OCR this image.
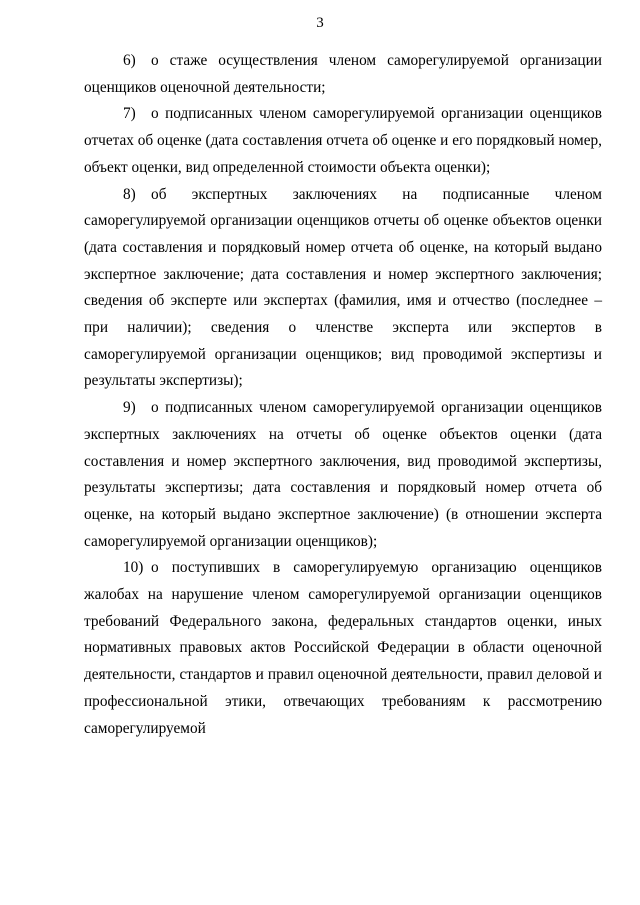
3

6)  о стаже осуществления членом саморегулируемой организации оценщиков оценочной деятельности;

7)  о подписанных членом саморегулируемой организации оценщиков отчетах об оценке (дата составления отчета об оценке и его порядковый номер, объект оценки, вид определенной стоимости объекта оценки);

8)  об экспертных заключениях на подписанные членом саморегулируемой организации оценщиков отчеты об оценке объектов оценки (дата составления и порядковый номер отчета об оценке, на который выдано экспертное заключение; дата составления и номер экспертного заключения; сведения об эксперте или экспертах (фамилия, имя и отчество (последнее – при наличии); сведения о членстве эксперта или экспертов в саморегулируемой организации оценщиков; вид проводимой экспертизы и результаты экспертизы);

9)  о подписанных членом саморегулируемой организации оценщиков экспертных заключениях на отчеты об оценке объектов оценки (дата составления и номер экспертного заключения, вид проводимой экспертизы, результаты экспертизы; дата составления и порядковый номер отчета об оценке, на который выдано экспертное заключение) (в отношении эксперта саморегулируемой организации оценщиков);

10) о поступивших в саморегулируемую организацию оценщиков жалобах на нарушение членом саморегулируемой организации оценщиков требований Федерального закона, федеральных стандартов оценки, иных нормативных правовых актов Российской Федерации в области оценочной деятельности, стандартов и правил оценочной деятельности, правил деловой и профессиональной этики, отвечающих требованиям к рассмотрению саморегулируемой
